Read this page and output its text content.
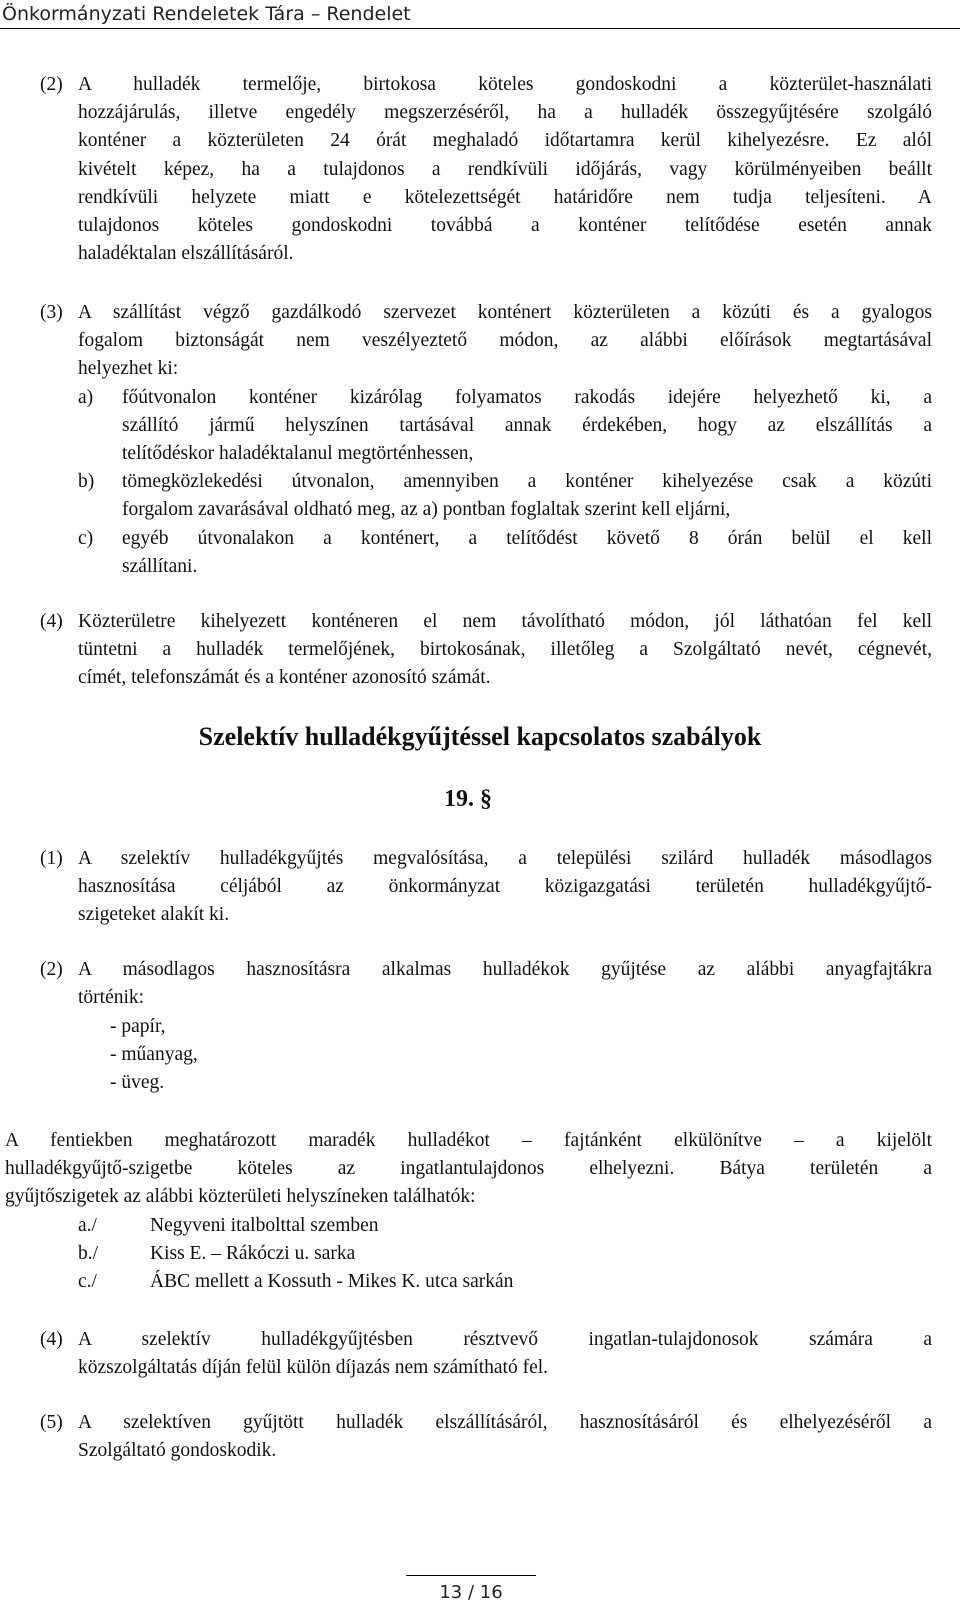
Önkormányzati Rendeletek Tára – Rendelet
(2) A hulladék termelője, birtokosa köteles gondoskodni a közterület-használati
hozzájárulás, illetve engedély megszerzéséről, ha a hulladék összegyűjtésére szolgáló
konténer a közterületen 24 órát meghaladó időtartamra kerül kihelyezésre. Ez alól
kivételt képez, ha a tulajdonos a rendkívüli időjárás, vagy körülményeiben beállt
rendkívüli helyzete miatt e kötelezettségét határidőre nem tudja teljesíteni. A
tulajdonos köteles gondoskodni továbbá a konténer telítődése esetén annak
haladéktalan elszállításáról.
(3) A szállítást végző gazdálkodó szervezet konténert közterületen a közúti és a gyalogos
fogalom biztonságát nem veszélyeztető módon, az alábbi előírások megtartásával
helyezhet ki:
a) főútvonalon konténer kizárólag folyamatos rakodás idejére helyezhető ki, a
szállító jármű helyszínen tartásával annak érdekében, hogy az elszállítás a
telítődéskor haladéktalanul megtörténhessen,
b) tömegközlekedési útvonalon, amennyiben a konténer kihelyezése csak a közúti
forgalom zavarásával oldható meg, az a) pontban foglaltak szerint kell eljárni,
c) egyéb útvonalakon a konténert, a telítődést követő 8 órán belül el kell
szállítani.
(4) Közterületre kihelyezett konténeren el nem távolítható módon, jól láthatóan fel kell
tüntetni a hulladék termelőjének, birtokosának, illetőleg a Szolgáltató nevét, cégnevét,
címét, telefonszámát és a konténer azonosító számát.
Szelektív hulladékgyűjtéssel kapcsolatos szabályok
19. §
(1) A szelektív hulladékgyűjtés megvalósítása, a települési szilárd hulladék másodlagos
hasznosítása céljából az önkormányzat közigazgatási területén hulladékgyűjtő-
szigeteket alakít ki.
(2) A másodlagos hasznosításra alkalmas hulladékok gyűjtése az alábbi anyagfajtákra
történik:
- papír,
- műanyag,
- üveg.
A fentiekben meghatározott maradék hulladékot – fajtánként elkülönítve – a kijelölt
hulladékgyűjtő-szigetbe köteles az ingatlantulajdonos elhelyezni. Bátya területén a
gyűjtőszigetek az alábbi közterületi helyszíneken találhatók:
a./	Negyveni italbolttal szemben
b./	Kiss E. – Rákóczi u. sarka
c./	ÁBC mellett a Kossuth - Mikes K. utca sarkán
(4) A szelektív hulladékgyűjtésben résztvevő ingatlan-tulajdonosok számára a
közszolgáltatás díján felül külön díjazás nem számítható fel.
(5) A szelektíven gyűjtött hulladék elszállításáról, hasznosításáról és elhelyezéséről a
Szolgáltató gondoskodik.
13 / 16
